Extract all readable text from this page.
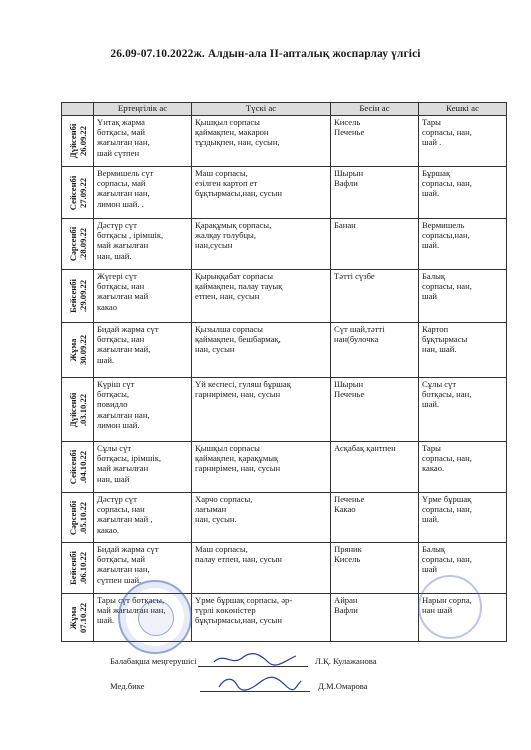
26.09-07.10.2022ж. Алдын-ала II-апталық жоспарлау үлгісі
	Ертеңгілік ас	Түскі ас	Бесін ас	Кешкі ас

Дүйсенбі
26.09.22	Үнтақ жарма
ботқасы, май
жағылған нан,
шай сүтпен	Қышқыл сорпасы
қаймақпен, макарон
тұздықпен, нан, сусын,	Кисель
Печенье	Тары
сорпасы, нан,
шай .

Сейсенбі
27.09.22	Вермишель сүт
сорпасы, май
жағылған нан,
лимон шай. .	Маш сорпасы,
езілген картоп ет
бұқтырмасы,нан, сусын	Шырын
Вафли	Бұршақ
сорпасы, нан,
шай.

Сәрсенбі
.28.09.22	Дәстүр сүт
ботқасы , ірімшік,
май жағылған
нан, шай.	Қарақұмық сорпасы,
жалқау голубцы,
нан,сусын	Банан	Вермишель
сорпасы,нан,
шай.

Бейсенбі
.29.09.22	Жүгері сүт
ботқасы, нан
жағылған май
какао	Қырыққабат сорпасы
қаймақпен, палау тауық
етпен, нан, сусын	Тәтті сүзбе	Балық
сорпасы, нан,
шай

Жұма
30.09.22	Бидай жарма сүт
ботқасы, нан
жағылған май,
шай.	Қызылша сорпасы
қаймақпен, бешбармақ,
нан, сусын	Сүт шай,тәтті
нан(булочка	Картоп
бұқтырмасы
нан, шай.

Дүйсенбі
.03.10.22	Күріш сүт
ботқасы,
повидло
жағылған нан,
лимон шай.	Үй кеспесі, гуляш бұршақ
гарнирімен, нан, сусын	Шырын
Печенье	Сұлы сүт
ботқасы, нан,
шай.

Сейсенбі
.04.10.22	Сұлы сүт
ботқасы, ірімшік,
май жағылған
нан, шай	Қышқыл сорпасы
қаймақпен, қарақұмық
гарнирімен, нан, сусын	Асқабақ қантпен	Тары
сорпасы, нан,
какао.

Сәрсенбі
.05.10.22	Дәстүр сүт
сорпасы, нан
жағылған май ,
какао.	Харчо сорпасы,
лағыман
нан, сусын.	Печенье
Какао	Үрме бұршақ
сорпасы, нан,
шай.

Бейсенбі
.06.10.22	Бидай жарма сүт
ботқасы, май
жағылған нан,
сүтпен шай.	Маш сорпасы,
палау етпен, нан, сусын	Пряник
Кисель	Балық
сорпасы, нан,
шай

Жұма
07.10.22	Тары сүт ботқасы,
май жағылған нан,
шай.	Үрме бұршақ сорпасы, әр-
түрлі көкөністер
бұқтырмасы,нан, сусын	Айран
Вафли	Нарын сорпа,
нан шай
Балабақша меңгерушісі	Л.Қ. Кулажанова
Мед.бике	Д.М.Омарова
